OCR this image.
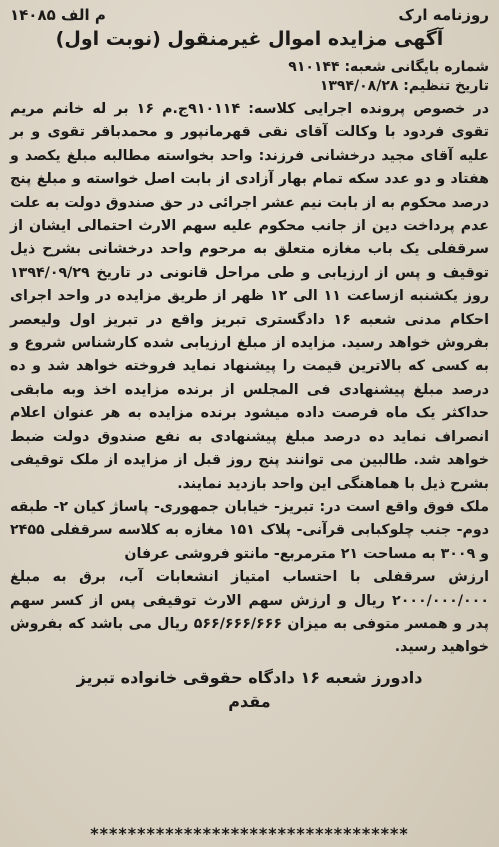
روزنامه ارک
م الف ۱۴۰۸۵
آگهی مزایده اموال غیرمنقول (نوبت اول)
شماره بایگانی شعبه: ۹۱۰۱۴۴
تاریخ تنظیم: ۱۳۹۴/۰۸/۲۸

در خصوص پرونده اجرایی کلاسه: ۹۱۰۱۱۴ج.م ۱۶ بر له خانم مریم تقوی فردود با وکالت آقای نقی قهرمانپور و محمدباقر تقوی و بر علیه آقای مجید درخشانی فرزند: واحد بخواسته مطالبه مبلغ یکصد و هفتاد و دو عدد سکه تمام بهار آزادی از بابت اصل خواسته و مبلغ پنج درصد محکوم به از بابت نیم عشر اجرائی در حق صندوق دولت به علت عدم پرداخت دین از جانب محکوم علیه سهم الارث احتمالی ایشان از سرقفلی یک باب مغازه متعلق به مرحوم واحد درخشانی بشرح ذیل توقیف و پس از ارزیابی و طی مراحل قانونی در تاریخ ۱۳۹۴/۰۹/۲۹ روز یکشنبه ازساعت ۱۱ الی ۱۲ ظهر از طریق مزایده در واحد اجرای احکام مدنی شعبه ۱۶ دادگستری تبریز واقع در تبریز اول ولیعصر بفروش خواهد رسید. مزایده از مبلغ ارزیابی شده کارشناس شروع و به کسی که بالاترین قیمت را پیشنهاد نماید فروخته خواهد شد و ده درصد مبلغ پیشنهادی فی المجلس از برنده مزایده اخذ وبه مابقی حداکثر یک ماه فرصت داده میشود برنده مزایده به هر عنوان اعلام انصراف نماید ده درصد مبلغ پیشنهادی به نفع صندوق دولت ضبط خواهد شد. طالبین می توانند پنج روز قبل از مزایده از ملک توقیفی بشرح ذیل با هماهنگی این واحد بازدید نمایند.

ملک فوق واقع است در: تبریز- خیابان جمهوری- پاساژ کیان ۲- طبقه دوم- جنب چلوکبابی قرآنی- پلاک ۱۵۱ مغازه به کلاسه سرقفلی ۲۴۵۵ و ۳۰۰۹ به مساحت ۲۱ مترمربع- مانتو فروشی عرفان

ارزش سرقفلی با احتساب امتیاز انشعابات آب، برق به مبلغ ۲۰۰۰/۰۰۰/۰۰۰ ریال و ارزش سهم الارث توقیفی پس از کسر سهم پدر و همسر متوفی به میزان ۵۶۶/۶۶۶/۶۶۶ ریال می باشد که بفروش خواهید رسید.

دادورز شعبه ۱۶ دادگاه حقوقی خانواده تبریز
مقدم
**********************************
